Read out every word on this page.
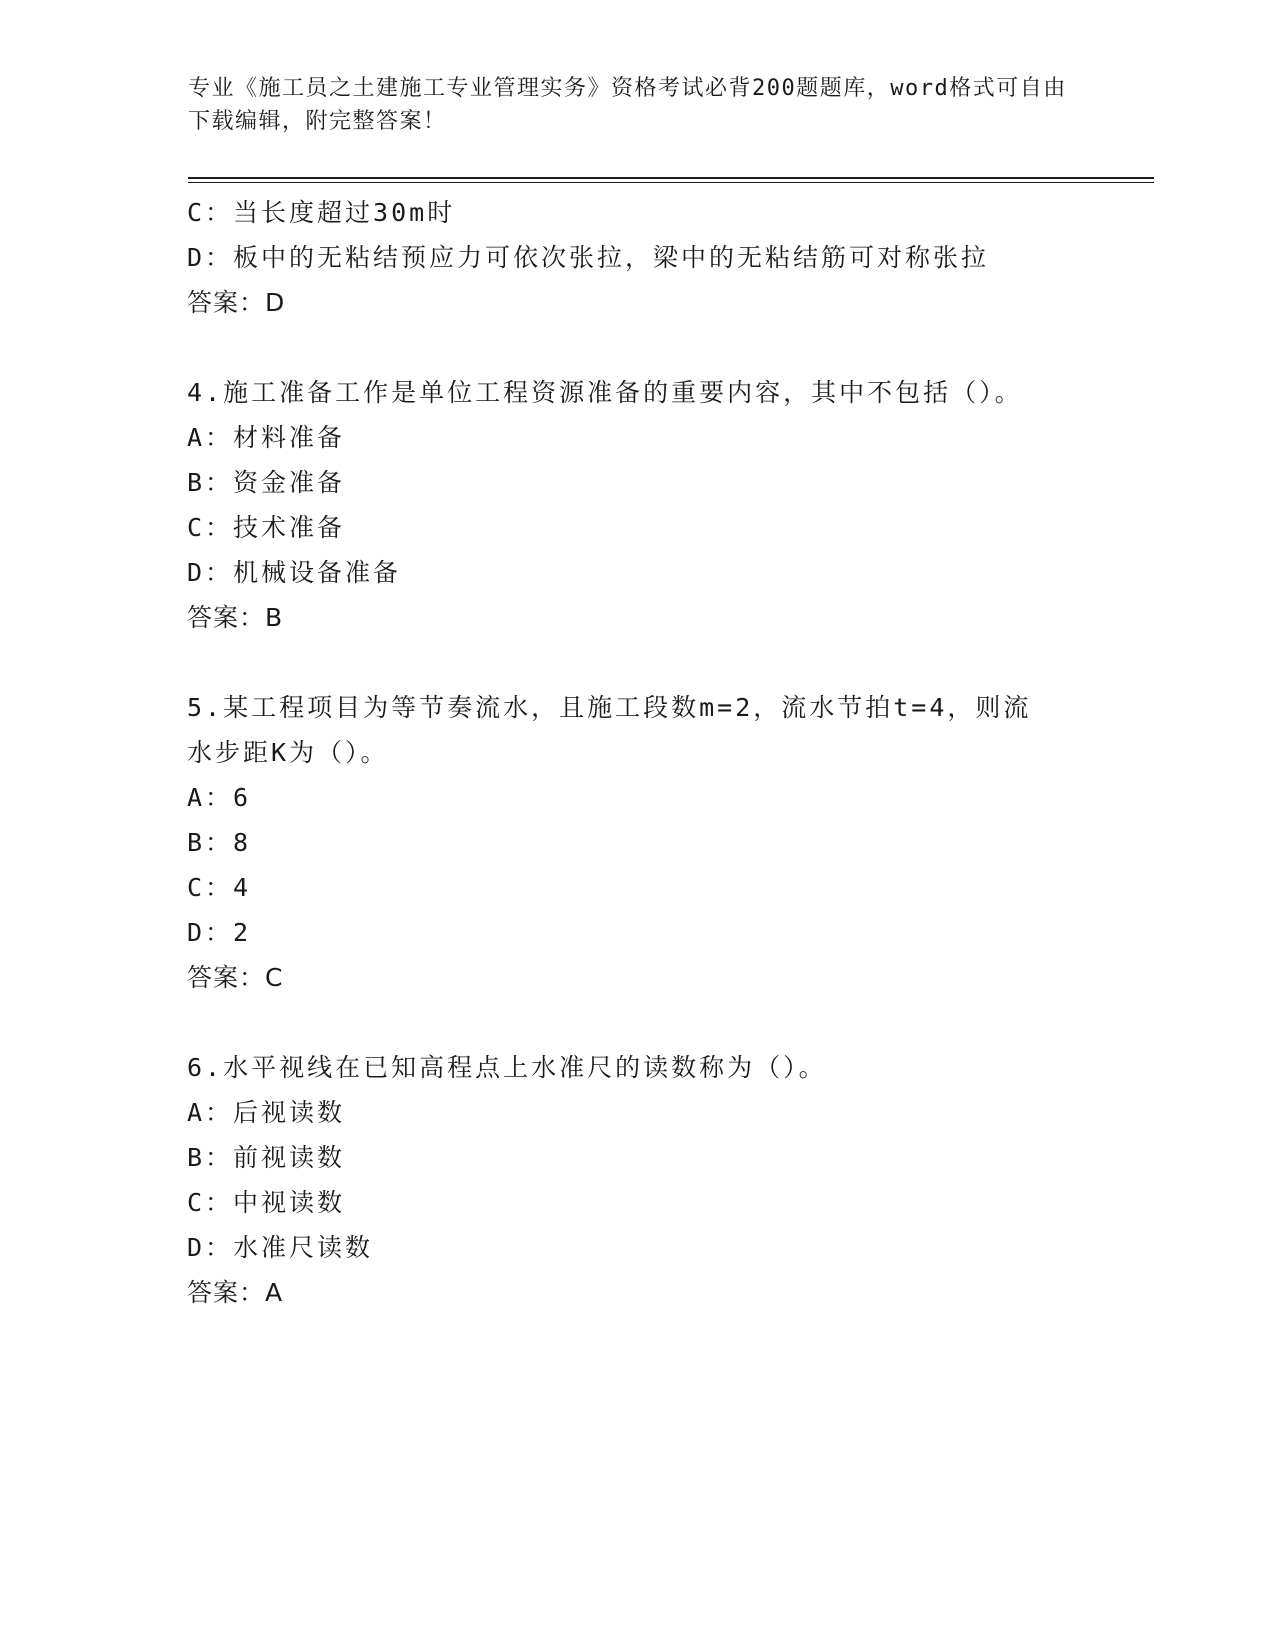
专业《施工员之土建施工专业管理实务》资格考试必背200题题库，word格式可自由下载编辑，附完整答案！
C：当长度超过30m时
D：板中的无粘结预应力可依次张拉，梁中的无粘结筋可对称张拉
答案：D
4.施工准备工作是单位工程资源准备的重要内容，其中不包括（）。
A：材料准备
B：资金准备
C：技术准备
D：机械设备准备
答案：B
5.某工程项目为等节奏流水，且施工段数m=2，流水节拍t=4，则流水步距K为（）。
A：6
B：8
C：4
D：2
答案：C
6.水平视线在已知高程点上水准尺的读数称为（）。
A：后视读数
B：前视读数
C：中视读数
D：水准尺读数
答案：A
